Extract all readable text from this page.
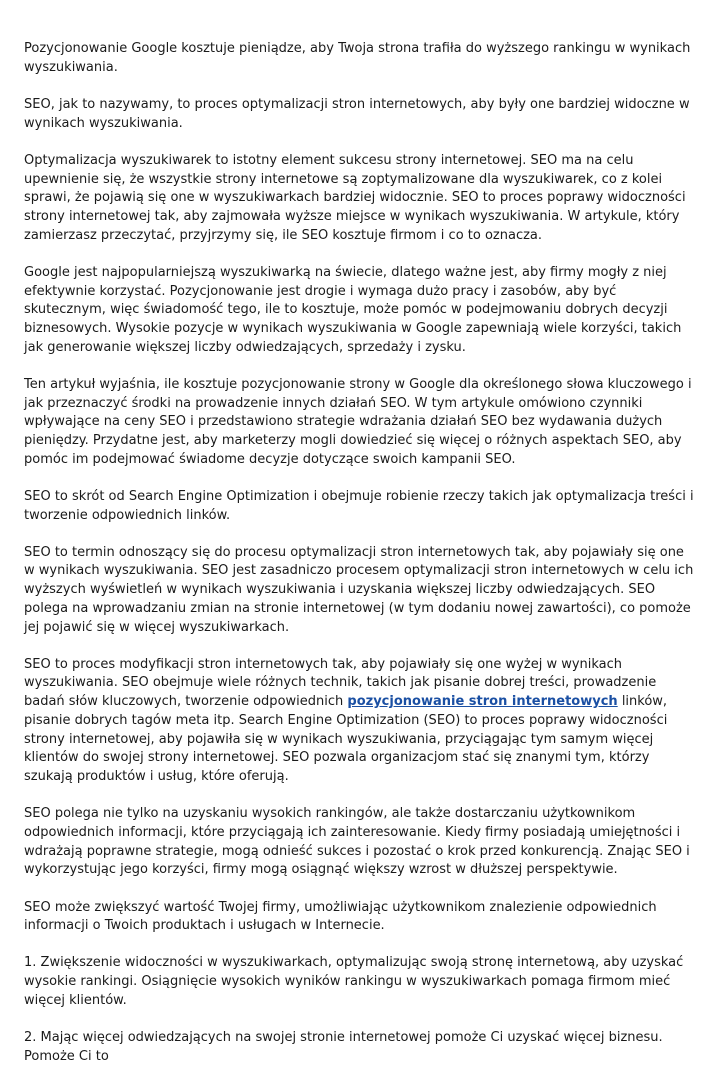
Pozycjonowanie Google kosztuje pieniądze, aby Twoja strona trafiła do wyższego rankingu w wynikach wyszukiwania.

SEO, jak to nazywamy, to proces optymalizacji stron internetowych, aby były one bardziej widoczne w wynikach wyszukiwania.

Optymalizacja wyszukiwarek to istotny element sukcesu strony internetowej. SEO ma na celu upewnienie się, że wszystkie strony internetowe są zoptymalizowane dla wyszukiwarek, co z kolei sprawi, że pojawią się one w wyszukiwarkach bardziej widocznie. SEO to proces poprawy widoczności strony internetowej tak, aby zajmowała wyższe miejsce w wynikach wyszukiwania. W artykule, który zamierzasz przeczytać, przyjrzymy się, ile SEO kosztuje firmom i co to oznacza.

Google jest najpopularniejszą wyszukiwarką na świecie, dlatego ważne jest, aby firmy mogły z niej efektywnie korzystać. Pozycjonowanie jest drogie i wymaga dużo pracy i zasobów, aby być skutecznym, więc świadomość tego, ile to kosztuje, może pomóc w podejmowaniu dobrych decyzji biznesowych. Wysokie pozycje w wynikach wyszukiwania w Google zapewniają wiele korzyści, takich jak generowanie większej liczby odwiedzających, sprzedaży i zysku.

Ten artykuł wyjaśnia, ile kosztuje pozycjonowanie strony w Google dla określonego słowa kluczowego i jak przeznaczyć środki na prowadzenie innych działań SEO. W tym artykule omówiono czynniki wpływające na ceny SEO i przedstawiono strategie wdrażania działań SEO bez wydawania dużych pieniędzy. Przydatne jest, aby marketerzy mogli dowiedzieć się więcej o różnych aspektach SEO, aby pomóc im podejmować świadome decyzje dotyczące swoich kampanii SEO.

SEO to skrót od Search Engine Optimization i obejmuje robienie rzeczy takich jak optymalizacja treści i tworzenie odpowiednich linków.

SEO to termin odnoszący się do procesu optymalizacji stron internetowych tak, aby pojawiały się one w wynikach wyszukiwania. SEO jest zasadniczo procesem optymalizacji stron internetowych w celu ich wyższych wyświetleń w wynikach wyszukiwania i uzyskania większej liczby odwiedzających. SEO polega na wprowadzaniu zmian na stronie internetowej (w tym dodaniu nowej zawartości), co pomoże jej pojawić się w więcej wyszukiwarkach.

SEO to proces modyfikacji stron internetowych tak, aby pojawiały się one wyżej w wynikach wyszukiwania. SEO obejmuje wiele różnych technik, takich jak pisanie dobrej treści, prowadzenie badań słów kluczowych, tworzenie odpowiednich pozycjonowanie stron internetowych linków, pisanie dobrych tagów meta itp. Search Engine Optimization (SEO) to proces poprawy widoczności strony internetowej, aby pojawiła się w wynikach wyszukiwania, przyciągając tym samym więcej klientów do swojej strony internetowej. SEO pozwala organizacjom stać się znanymi tym, którzy szukają produktów i usług, które oferują.

SEO polega nie tylko na uzyskaniu wysokich rankingów, ale także dostarczaniu użytkownikom odpowiednich informacji, które przyciągają ich zainteresowanie. Kiedy firmy posiadają umiejętności i wdrażają poprawne strategie, mogą odnieść sukces i pozostać o krok przed konkurencją. Znając SEO i wykorzystując jego korzyści, firmy mogą osiągnąć większy wzrost w dłuższej perspektywie.

SEO może zwiększyć wartość Twojej firmy, umożliwiając użytkownikom znalezienie odpowiednich informacji o Twoich produktach i usługach w Internecie.

1. Zwiększenie widoczności w wyszukiwarkach, optymalizując swoją stronę internetową, aby uzyskać wysokie rankingi. Osiągnięcie wysokich wyników rankingu w wyszukiwarkach pomaga firmom mieć więcej klientów.

2. Mając więcej odwiedzających na swojej stronie internetowej pomoże Ci uzyskać więcej biznesu. Pomoże Ci to
